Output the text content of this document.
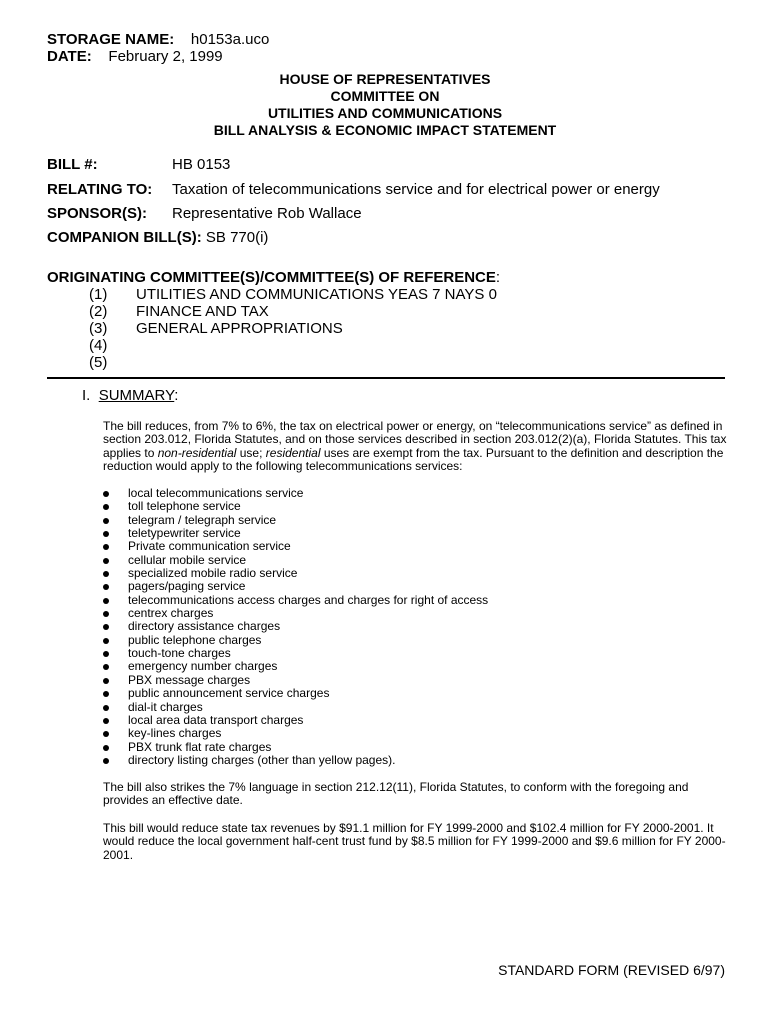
STORAGE NAME: h0153a.uco
DATE: February 2, 1999
HOUSE OF REPRESENTATIVES
COMMITTEE ON
UTILITIES AND COMMUNICATIONS
BILL ANALYSIS & ECONOMIC IMPACT STATEMENT
BILL #:	HB 0153
RELATING TO: Taxation of telecommunications service and for electrical power or energy
SPONSOR(S): Representative Rob Wallace
COMPANION BILL(S): SB 770(i)
ORIGINATING COMMITTEE(S)/COMMITTEE(S) OF REFERENCE:
(1) UTILITIES AND COMMUNICATIONS YEAS 7 NAYS 0
(2) FINANCE AND TAX
(3) GENERAL APPROPRIATIONS
(4)
(5)
I. SUMMARY:
The bill reduces, from 7% to 6%, the tax on electrical power or energy, on “telecommunications service” as defined in section 203.012, Florida Statutes, and on those services described in section 203.012(2)(a), Florida Statutes. This tax applies to non-residential use; residential uses are exempt from the tax. Pursuant to the definition and description the reduction would apply to the following telecommunications services:
local telecommunications service
toll telephone service
telegram / telegraph service
teletypewriter service
Private communication service
cellular mobile service
specialized mobile radio service
pagers/paging service
telecommunications access charges and charges for right of access
centrex charges
directory assistance charges
public telephone charges
touch-tone charges
emergency number charges
PBX message charges
public announcement service charges
dial-it charges
local area data transport charges
key-lines charges
PBX trunk flat rate charges
directory listing charges (other than yellow pages).
The bill also strikes the 7% language in section 212.12(11), Florida Statutes, to conform with the foregoing and provides an effective date.
This bill would reduce state tax revenues by $91.1 million for FY 1999-2000 and $102.4 million for FY 2000-2001. It would reduce the local government half-cent trust fund by $8.5 million for FY 1999-2000 and $9.6 million for FY 2000-2001.
STANDARD FORM (REVISED 6/97)
